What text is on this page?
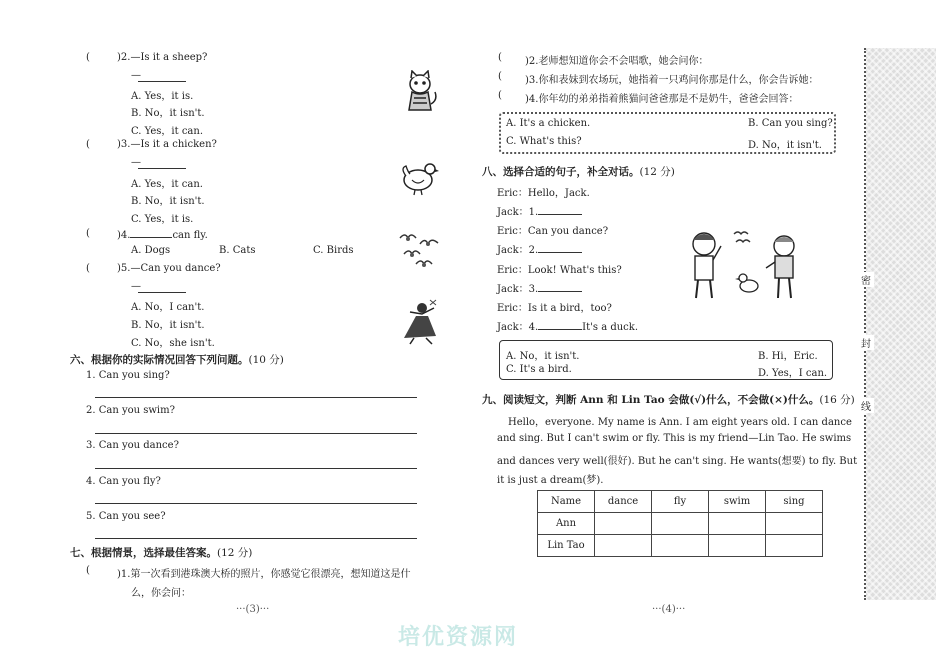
(	)2.—Is it a sheep?
—
A. Yes，it is.
B. No，it isn't.
C. Yes，it can.
(	)3.—Is it a chicken?
—
A. Yes，it can.
B. No，it isn't.
C. Yes，it is.
(	)4.	can fly.
A. Dogs	B. Cats	C. Birds
(	)5.—Can you dance?
—
A. No，I can't.
B. No，it isn't.
C. No，she isn't.
六、根据你的实际情况回答下列问题。(10 分)
1. Can you sing?
2. Can you swim?
3. Can you dance?
4. Can you fly?
5. Can you see?
七、根据情景，选择最佳答案。(12 分)
(	)1.第一次看到港珠澳大桥的照片，你感觉它很漂亮，想知道这是什
么，你会问：
···(3)···
( )2.老师想知道你会不会唱歌，她会问你：
( )3.你和表妹到农场玩，她指着一只鸡问你那是什么，你会告诉她：
( )4.你年幼的弟弟指着熊猫问爸爸那是不是奶牛，爸爸会回答：
A. It's a chicken.	B. Can you sing?
C. What's this?	D. No，it isn't.
八、选择合适的句子，补全对话。(12 分)
Eric：Hello，Jack.
Jack：1.
Eric：Can you dance?
Jack：2.
Eric：Look! What's this?
Jack：3.
Eric：Is it a bird，too?
Jack：4.	It's a duck.
A. No，it isn't.	B. Hi，Eric.
C. It's a bird.	D. Yes，I can.
九、阅读短文，判断 Ann 和 Lin Tao 会做(√)什么，不会做(×)什么。(16 分)
Hello，everyone. My name is Ann. I am eight years old. I can dance
and sing. But I can't swim or fly. This is my friend—Lin Tao. He swims
and dances very well(很好). But he can't sing. He wants(想要) to fly. But
it is just a dream(梦).
Name	dance	fly	swim	sing
Ann				
Lin Tao				
···(4)···
密
封
线
培优资源网
